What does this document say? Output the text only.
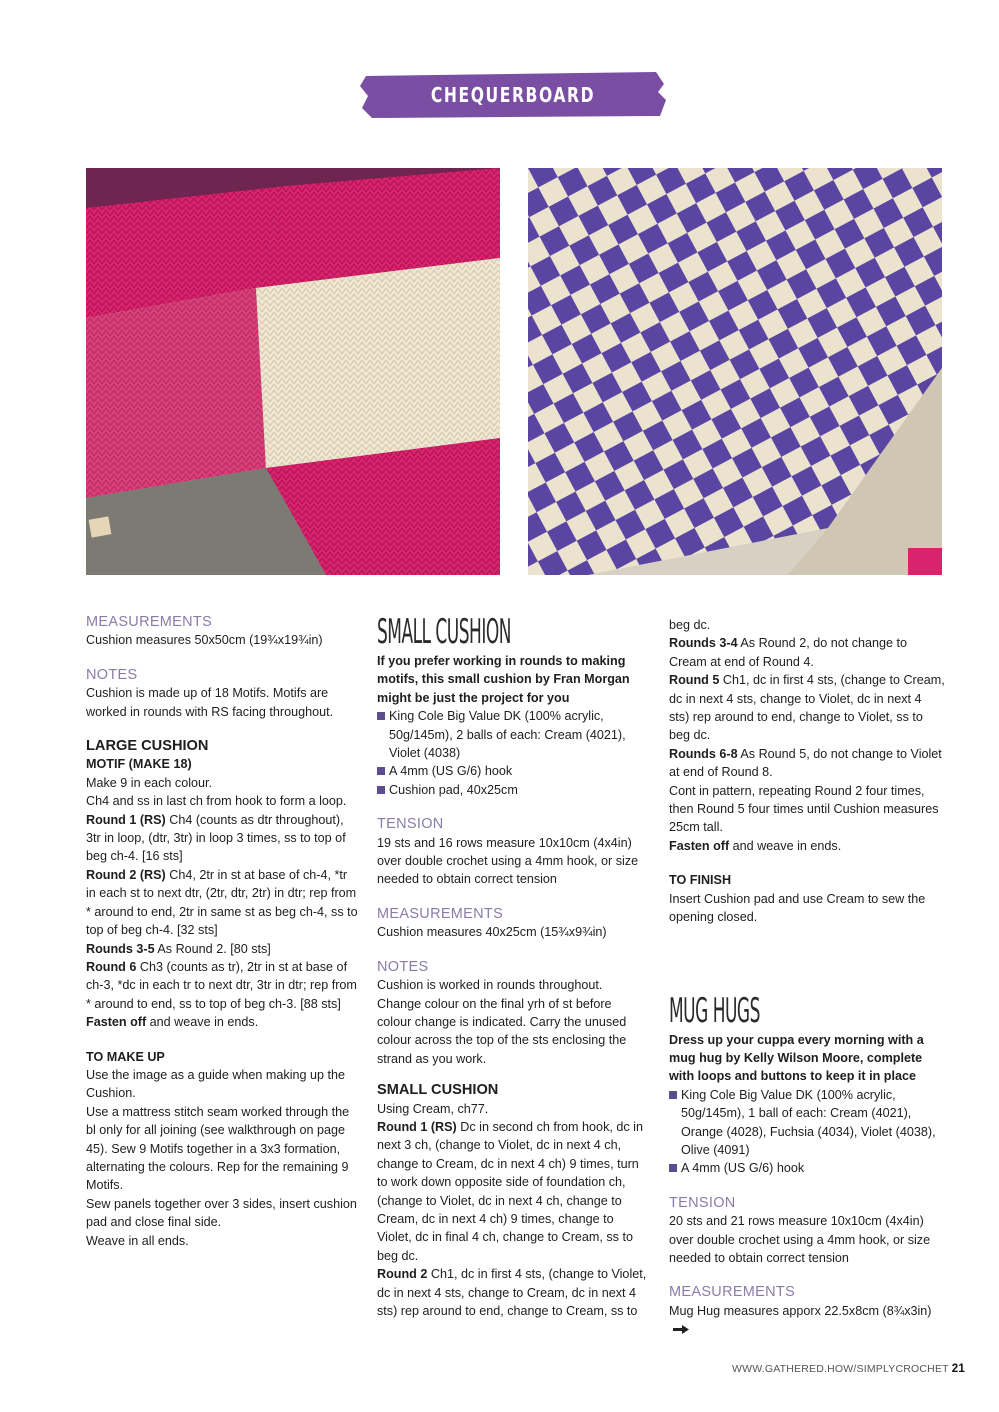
CHEQUERBOARD COLLECTION

MEASUREMENTS

Cushion measures 50x50cm (19¾x19¾in)

NOTES

Cushion is made up of 18 Motifs. Motifs are worked in rounds with RS facing throughout.

LARGE CUSHION

MOTIF (MAKE 18)

Make 9 in each colour.

Ch4 and ss in last ch from hook to form a loop.

Round 1 (RS) Ch4 (counts as dtr throughout), 3tr in loop, (dtr, 3tr) in loop 3 times, ss to top of beg ch-4. [16 sts]

Round 2 (RS) Ch4, 2tr in st at base of ch-4, *tr in each st to next dtr, (2tr, dtr, 2tr) in dtr; rep from * around to end, 2tr in same st as beg ch-4, ss to top of beg ch-4. [32 sts]

Rounds 3-5 As Round 2. [80 sts]

Round 6 Ch3 (counts as tr), 2tr in st at base of ch-3, *dc in each tr to next dtr, 3tr in dtr; rep from * around to end, ss to top of beg ch-3. [88 sts]

Fasten off and weave in ends.

TO MAKE UP

Use the image as a guide when making up the Cushion.

Use a mattress stitch seam worked through the bl only for all joining (see walkthrough on page 45). Sew 9 Motifs together in a 3x3 formation, alternating the colours. Rep for the remaining 9 Motifs.

Sew panels together over 3 sides, insert cushion pad and close final side.

Weave in all ends.

SMALL CUSHION

If you prefer working in rounds to making motifs, this small cushion by Fran Morgan might be just the project for you

King Cole Big Value DK (100% acrylic, 50g/145m), 2 balls of each: Cream (4021), Violet (4038)
A 4mm (US G/6) hook
Cushion pad, 40x25cm

TENSION

19 sts and 16 rows measure 10x10cm (4x4in) over double crochet using a 4mm hook, or size needed to obtain correct tension

MEASUREMENTS

Cushion measures 40x25cm (15¾x9¾in)

NOTES

Cushion is worked in rounds throughout. Change colour on the final yrh of st before colour change is indicated. Carry the unused colour across the top of the sts enclosing the strand as you work.

SMALL CUSHION

Using Cream, ch77.

Round 1 (RS) Dc in second ch from hook, dc in next 3 ch, (change to Violet, dc in next 4 ch, change to Cream, dc in next 4 ch) 9 times, turn to work down opposite side of foundation ch, (change to Violet, dc in next 4 ch, change to Cream, dc in next 4 ch) 9 times, change to Violet, dc in final 4 ch, change to Cream, ss to beg dc.

Round 2 Ch1, dc in first 4 sts, (change to Violet, dc in next 4 sts, change to Cream, dc in next 4 sts) rep around to end, change to Cream, ss to

beg dc.

Rounds 3-4 As Round 2, do not change to Cream at end of Round 4.

Round 5 Ch1, dc in first 4 sts, (change to Cream, dc in next 4 sts, change to Violet, dc in next 4 sts) rep around to end, change to Violet, ss to beg dc.

Rounds 6-8 As Round 5, do not change to Violet at end of Round 8.

Cont in pattern, repeating Round 2 four times, then Round 5 four times until Cushion measures 25cm tall.

Fasten off and weave in ends.

TO FINISH

Insert Cushion pad and use Cream to sew the opening closed.

MUG HUGS

Dress up your cuppa every morning with a mug hug by Kelly Wilson Moore, complete with loops and buttons to keep it in place

King Cole Big Value DK (100% acrylic, 50g/145m), 1 ball of each: Cream (4021), Orange (4028), Fuchsia (4034), Violet (4038), Olive (4091)
A 4mm (US G/6) hook

TENSION

20 sts and 21 rows measure 10x10cm (4x4in) over double crochet using a 4mm hook, or size needed to obtain correct tension

MEASUREMENTS

Mug Hug measures apporx 22.5x8cm (8¾x3in)

WWW.GATHERED.HOW/SIMPLYCROCHET 21
